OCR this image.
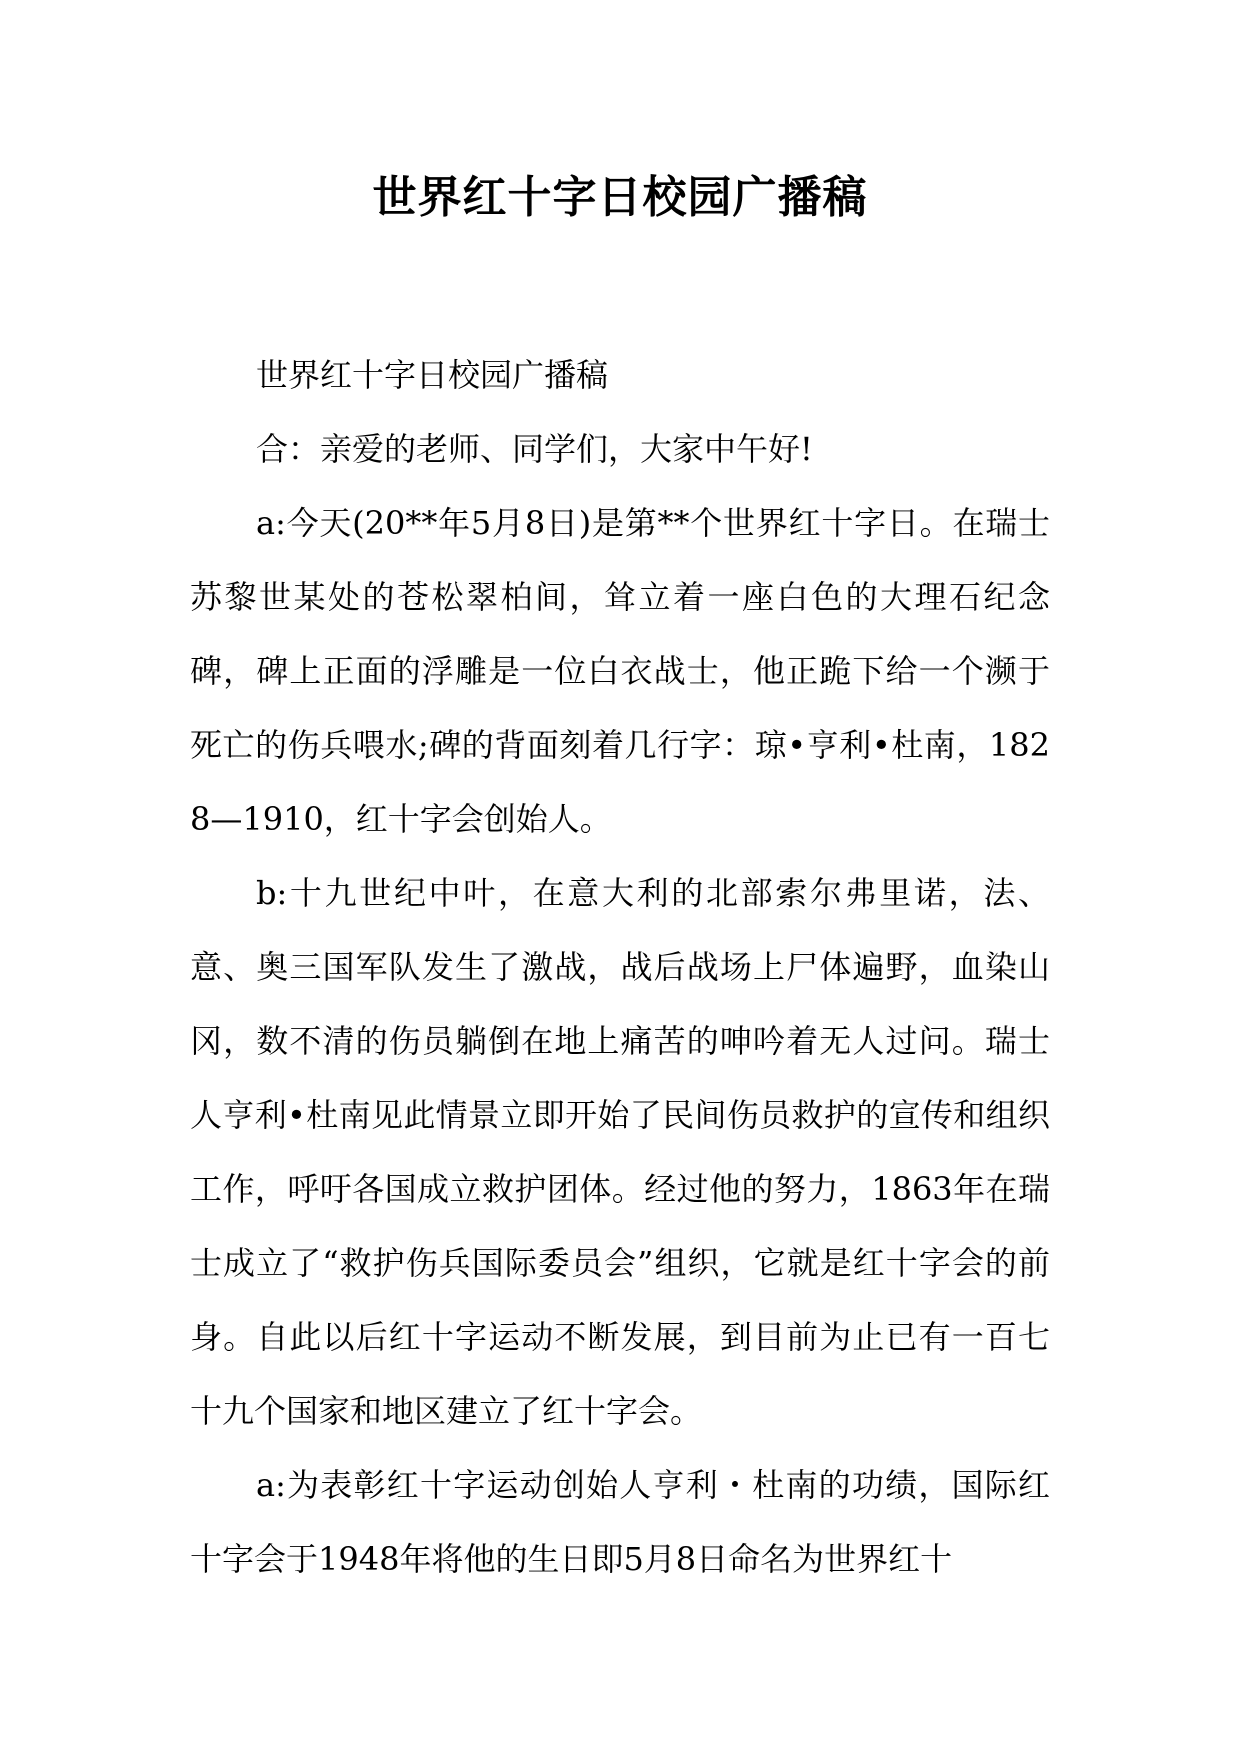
世界红十字日校园广播稿

世界红十字日校园广播稿

合：亲爱的老师、同学们，大家中午好!

a:今天(20**年5月8日)是第**个世界红十字日。在瑞士苏黎世某处的苍松翠柏间，耸立着一座白色的大理石纪念碑，碑上正面的浮雕是一位白衣战士，他正跪下给一个濒于死亡的伤兵喂水;碑的背面刻着几行字：琼•亨利•杜南，1828—1910，红十字会创始人。

b:十九世纪中叶，在意大利的北部索尔弗里诺，法、意、奥三国军队发生了激战，战后战场上尸体遍野，血染山冈，数不清的伤员躺倒在地上痛苦的呻吟着无人过问。瑞士人亨利•杜南见此情景立即开始了民间伤员救护的宣传和组织工作，呼吁各国成立救护团体。经过他的努力，1863年在瑞士成立了“救护伤兵国际委员会”组织，它就是红十字会的前身。自此以后红十字运动不断发展，到目前为止已有一百七十九个国家和地区建立了红十字会。

a:为表彰红十字运动创始人亨利・杜南的功绩，国际红十字会于1948年将他的生日即5月8日命名为世界红十
